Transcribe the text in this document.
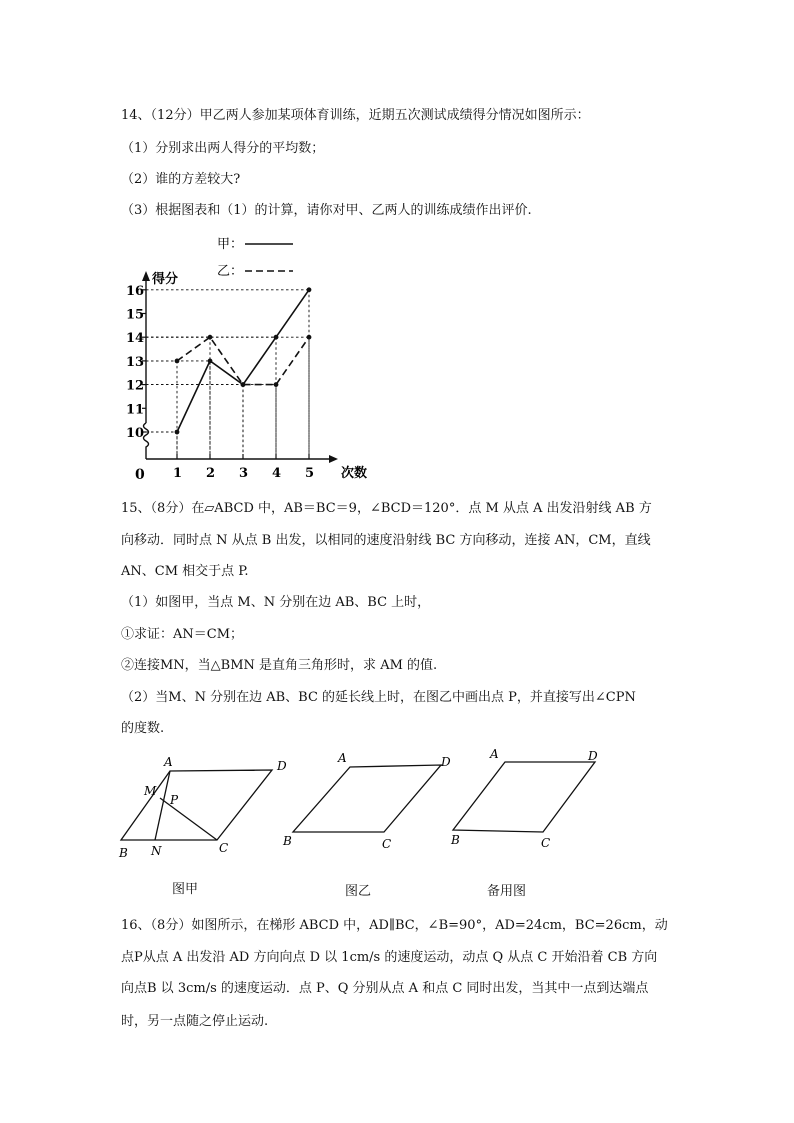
14、（12分）甲乙两人参加某项体育训练，近期五次测试成绩得分情况如图所示：
（1）分别求出两人得分的平均数；
（2）谁的方差较大?
（3）根据图表和（1）的计算，请你对甲、乙两人的训练成绩作出评价.
甲：
乙：
得分
次数
0
10
11
12
13
14
15
16
1 2 3 4 5
15、（8分）在▱ABCD 中，AB＝BC＝9，∠BCD＝120°．点 M 从点 A 出发沿射线 AB 方
向移动．同时点 N 从点 B 出发，以相同的速度沿射线 BC 方向移动，连接 AN，CM，直线
AN、CM 相交于点 P.
（1）如图甲，当点 M、N 分别在边 AB、BC 上时，
①求证：AN＝CM；
②连接MN，当△BMN 是直角三角形时，求 AM 的值.
（2）当M、N 分别在边 AB、BC 的延长线上时，在图乙中画出点 P，并直接写出∠CPN
的度数.
A	D
M
P
B N	C
图甲
A	D
B	C
图乙
A	D
B	C
备用图
16、（8分）如图所示，在梯形 ABCD 中，AD∥BC，∠B=90°，AD=24cm，BC=26cm，动
点P从点 A 出发沿 AD 方向向点 D 以 1cm/s 的速度运动，动点 Q 从点 C 开始沿着 CB 方向
向点B 以 3cm/s 的速度运动．点 P、Q 分别从点 A 和点 C 同时出发，当其中一点到达端点
时，另一点随之停止运动.
